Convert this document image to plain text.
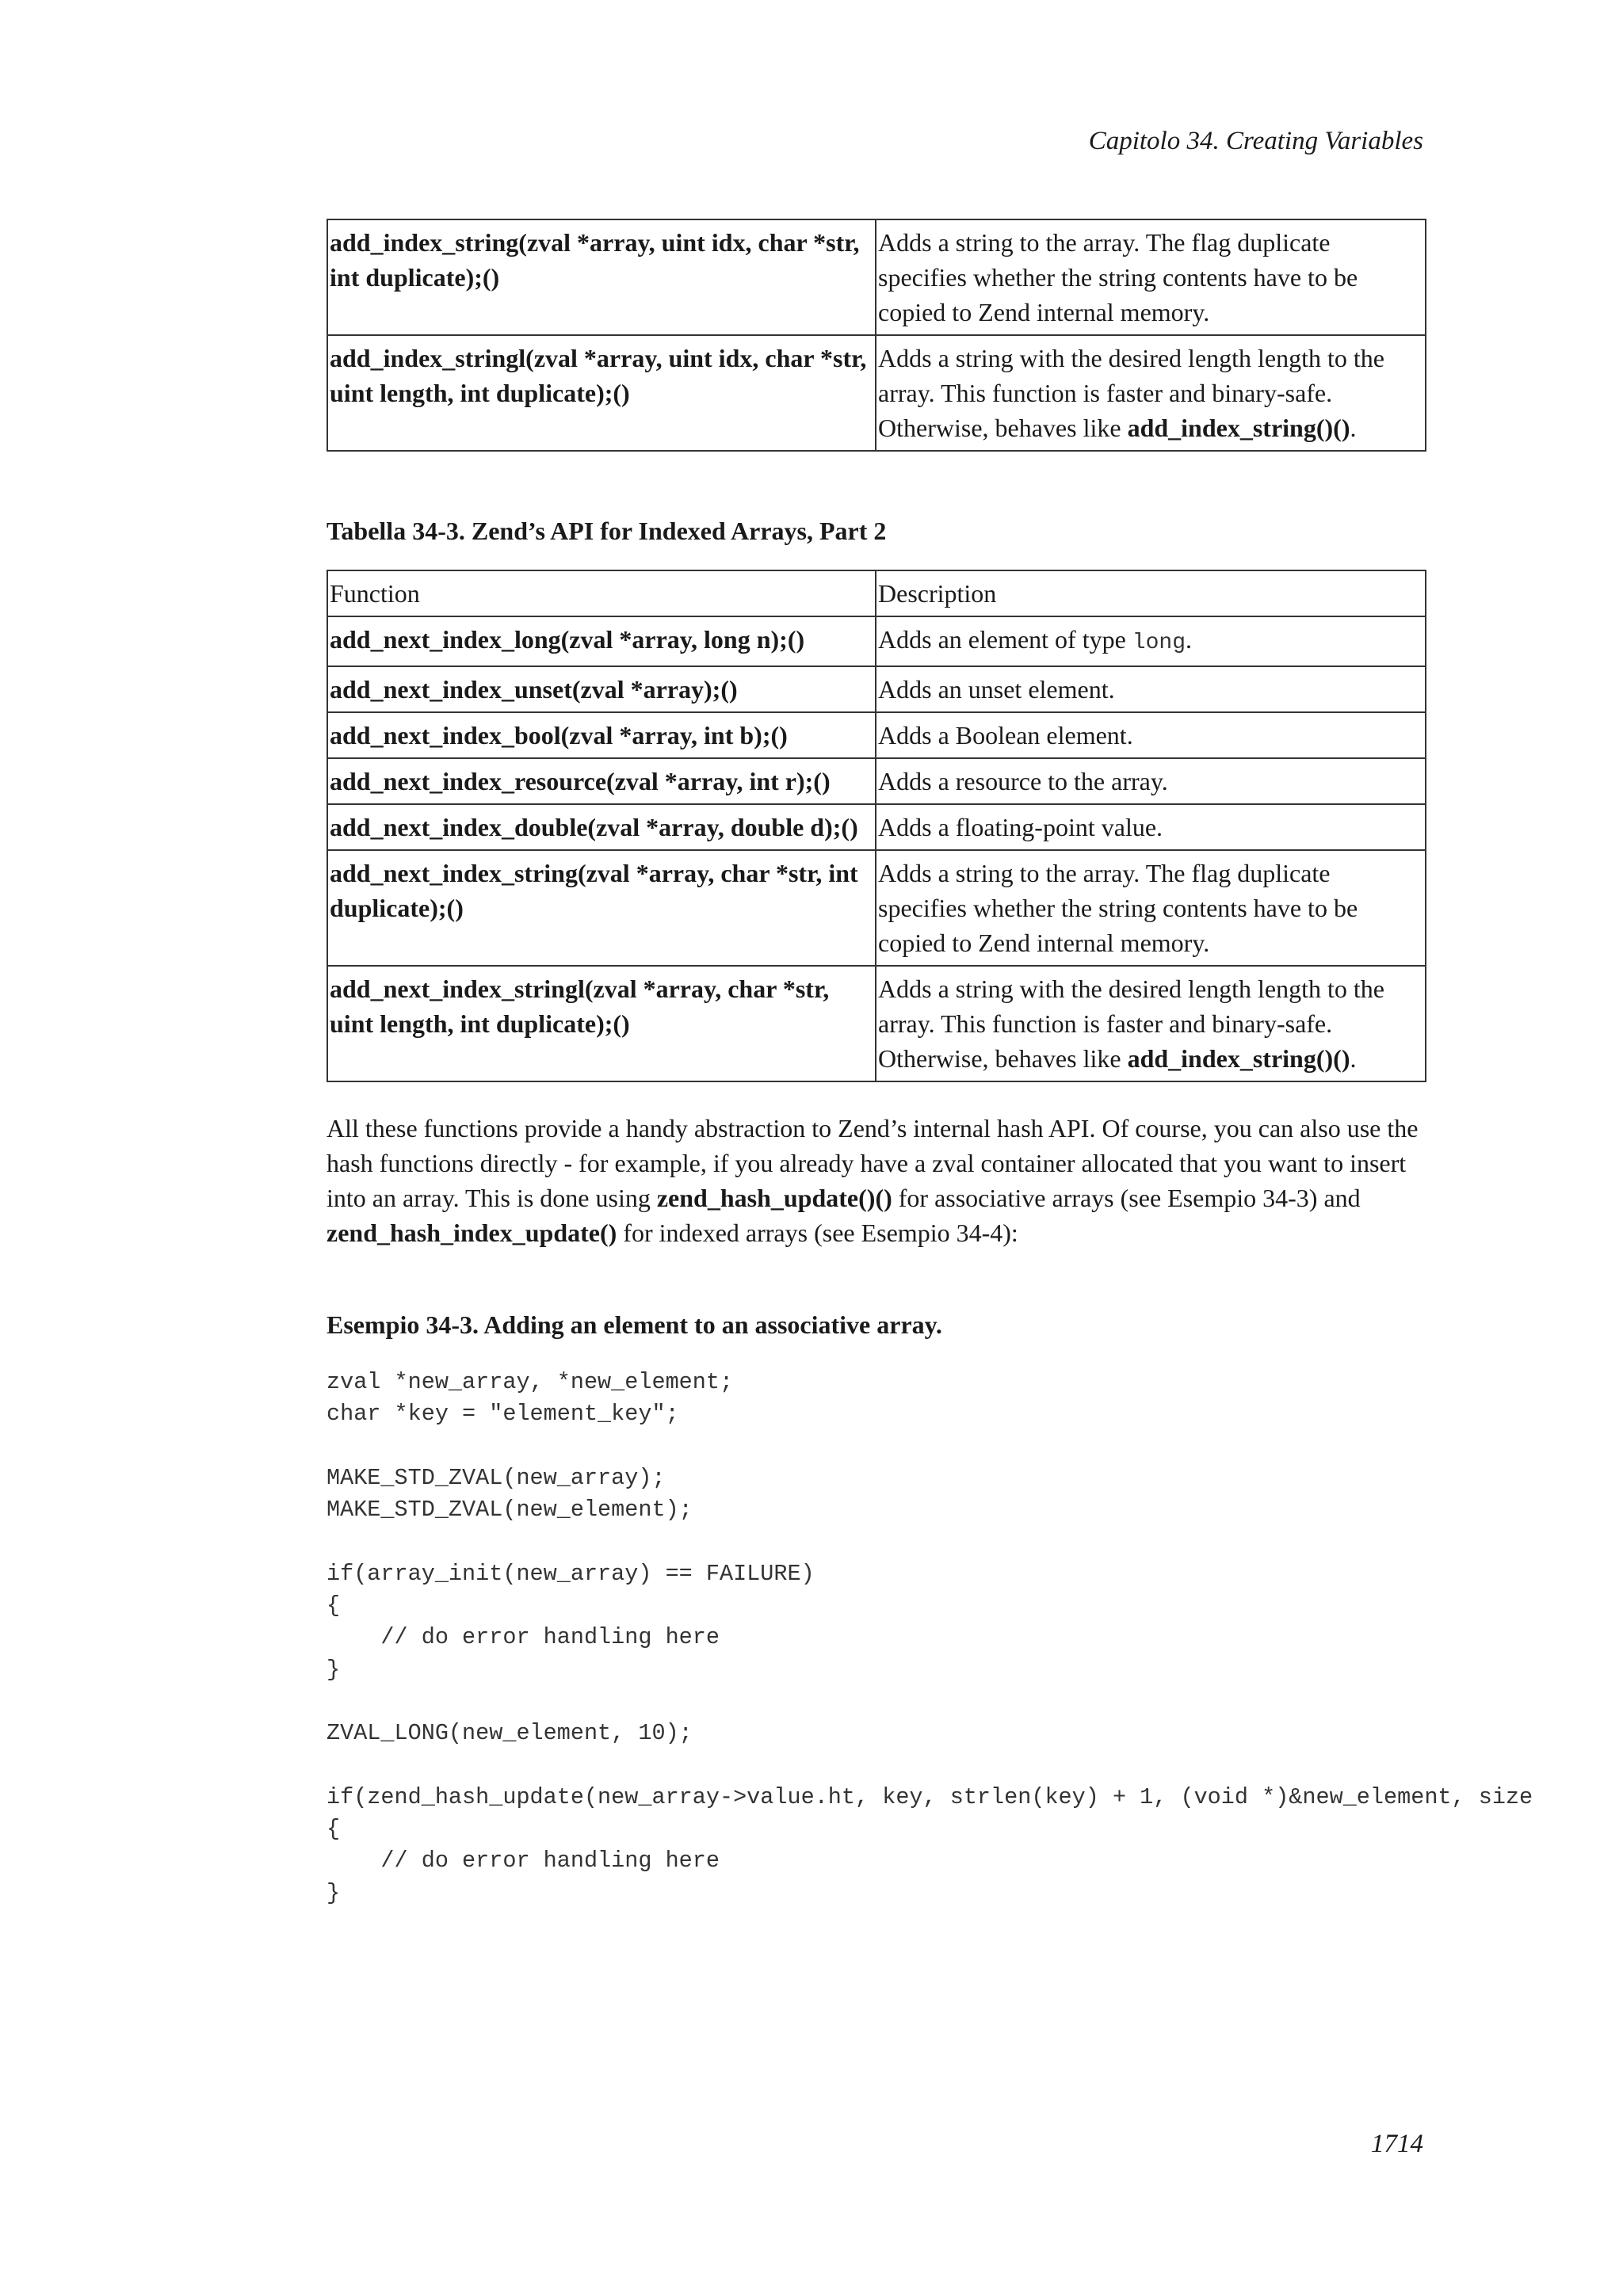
Capitolo 34. Creating Variables
add_index_string(zval *array, uint idx, char *str, int duplicate);()	Adds a string to the array. The flag duplicate specifies whether the string contents have to be copied to Zend internal memory.
add_index_stringl(zval *array, uint idx, char *str, uint length, int duplicate);()	Adds a string with the desired length length to the array. This function is faster and binary-safe. Otherwise, behaves like add_index_string()().
Tabella 34-3. Zend’s API for Indexed Arrays, Part 2
Function	Description
add_next_index_long(zval *array, long n);()	Adds an element of type long.
add_next_index_unset(zval *array);()	Adds an unset element.
add_next_index_bool(zval *array, int b);()	Adds a Boolean element.
add_next_index_resource(zval *array, int r);()	Adds a resource to the array.
add_next_index_double(zval *array, double d);()	Adds a floating-point value.
add_next_index_string(zval *array, char *str, int duplicate);()	Adds a string to the array. The flag duplicate specifies whether the string contents have to be copied to Zend internal memory.
add_next_index_stringl(zval *array, char *str, uint length, int duplicate);()	Adds a string with the desired length length to the array. This function is faster and binary-safe. Otherwise, behaves like add_index_string()().
All these functions provide a handy abstraction to Zend’s internal hash API. Of course, you can also use the hash functions directly - for example, if you already have a zval container allocated that you want to insert into an array. This is done using zend_hash_update()() for associative arrays (see Esempio 34-3) and zend_hash_index_update() for indexed arrays (see Esempio 34-4):
Esempio 34-3. Adding an element to an associative array.
zval *new_array, *new_element;
char *key = "element_key";

MAKE_STD_ZVAL(new_array);
MAKE_STD_ZVAL(new_element);

if(array_init(new_array) == FAILURE)
{
// do error handling here
}

ZVAL_LONG(new_element, 10);

if(zend_hash_update(new_array->value.ht, key, strlen(key) + 1, (void *)&new_element, size
{
// do error handling here
}
1714
